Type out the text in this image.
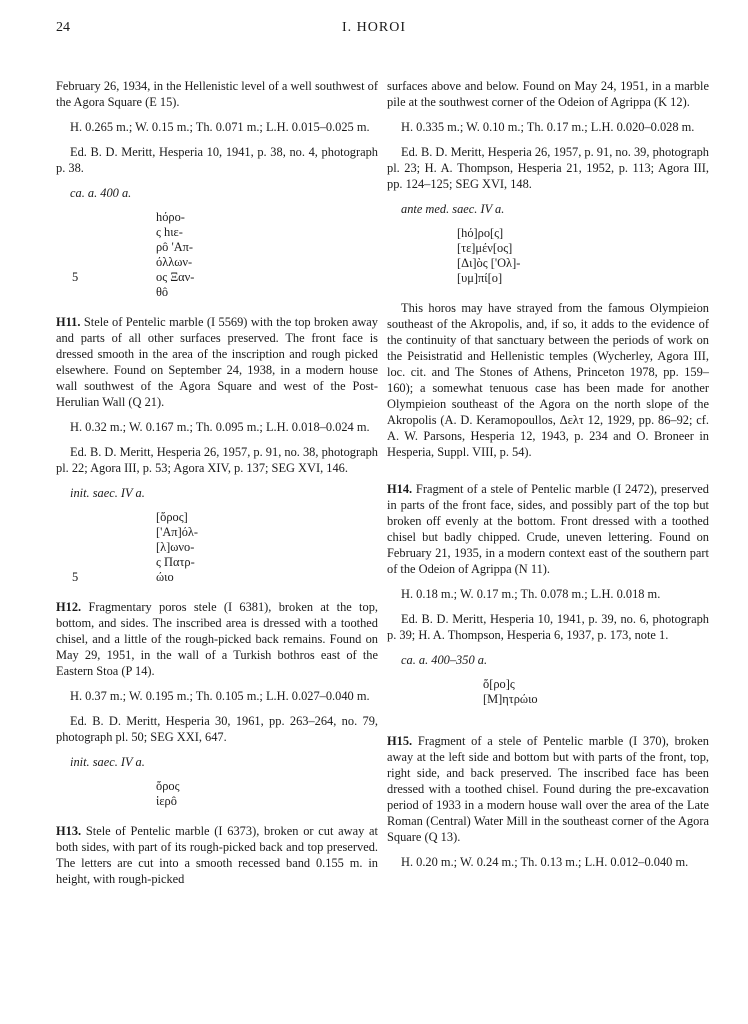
24	I. HOROI

February 26, 1934, in the Hellenistic level of a well southwest of the Agora Square (E 15).

H. 0.265 m.; W. 0.15 m.; Th. 0.071 m.; L.H. 0.015–0.025 m.

Ed. B. D. Meritt, Hesperia 10, 1941, p. 38, no. 4, photograph p. 38.

ca. a. 400 a.

hόρο-
ς hιε-
ρô 'Απ-
όλλων-
5	ος Ξαν-
θô

H11. Stele of Pentelic marble (I 5569) with the top broken away and parts of all other surfaces preserved. The front face is dressed smooth in the area of the inscription and rough picked elsewhere. Found on September 24, 1938, in a modern house wall southwest of the Agora Square and west of the Post-Herulian Wall (Q 21).

H. 0.32 m.; W. 0.167 m.; Th. 0.095 m.; L.H. 0.018–0.024 m.

Ed. B. D. Meritt, Hesperia 26, 1957, p. 91, no. 38, photograph pl. 22; Agora III, p. 53; Agora XIV, p. 137; SEG XVI, 146.

init. saec. IV a.

[ὅρος]
['Απ]όλ-
[λ]ωνο-
ς Πατρ-
5	ώιο

H12. Fragmentary poros stele (I 6381), broken at the top, bottom, and sides. The inscribed area is dressed with a toothed chisel, and a little of the rough-picked back remains. Found on May 29, 1951, in the wall of a Turkish bothros east of the Eastern Stoa (P 14).

H. 0.37 m.; W. 0.195 m.; Th. 0.105 m.; L.H. 0.027–0.040 m.

Ed. B. D. Meritt, Hesperia 30, 1961, pp. 263–264, no. 79, photograph pl. 50; SEG XXI, 647.

init. saec. IV a.

ὅρος
ἱερô

H13. Stele of Pentelic marble (I 6373), broken or cut away at both sides, with part of its rough-picked back and top preserved. The letters are cut into a smooth recessed band 0.155 m. in height, with rough-picked

surfaces above and below. Found on May 24, 1951, in a marble pile at the southwest corner of the Odeion of Agrippa (K 12).

H. 0.335 m.; W. 0.10 m.; Th. 0.17 m.; L.H. 0.020–0.028 m.

Ed. B. D. Meritt, Hesperia 26, 1957, p. 91, no. 39, photograph pl. 23; H. A. Thompson, Hesperia 21, 1952, p. 113; Agora III, pp. 124–125; SEG XVI, 148.

ante med. saec. IV a.

[hό]ρο[ς]
[τε]μέν[ος]
[Δι]ὸς ['Ολ]-
[υμ]πί[ο]

This horos may have strayed from the famous Olympieion southeast of the Akropolis, and, if so, it adds to the evidence of the continuity of that sanctuary between the periods of work on the Peisistratid and Hellenistic temples (Wycherley, Agora III, loc. cit. and The Stones of Athens, Princeton 1978, pp. 159–160); a somewhat tenuous case has been made for another Olympieion southeast of the Agora on the north slope of the Akropolis (A. D. Keramopoullos, Δελτ 12, 1929, pp. 86–92; cf. A. W. Parsons, Hesperia 12, 1943, p. 234 and O. Broneer in Hesperia, Suppl. VIII, p. 54).

H14. Fragment of a stele of Pentelic marble (I 2472), preserved in parts of the front face, sides, and possibly part of the top but broken off evenly at the bottom. Front dressed with a toothed chisel but badly chipped. Crude, uneven lettering. Found on February 21, 1935, in a modern context east of the southern part of the Odeion of Agrippa (N 11).

H. 0.18 m.; W. 0.17 m.; Th. 0.078 m.; L.H. 0.018 m.

Ed. B. D. Meritt, Hesperia 10, 1941, p. 39, no. 6, photograph p. 39; H. A. Thompson, Hesperia 6, 1937, p. 173, note 1.

ca. a. 400–350 a.

ὅ[ρο]ς
[Μ]ητρώιο

H15. Fragment of a stele of Pentelic marble (I 370), broken away at the left side and bottom but with parts of the front, top, right side, and back preserved. The inscribed face has been dressed with a toothed chisel. Found during the pre-excavation period of 1933 in a modern house wall over the area of the Late Roman (Central) Water Mill in the southeast corner of the Agora Square (Q 13).

H. 0.20 m.; W. 0.24 m.; Th. 0.13 m.; L.H. 0.012–0.040 m.
